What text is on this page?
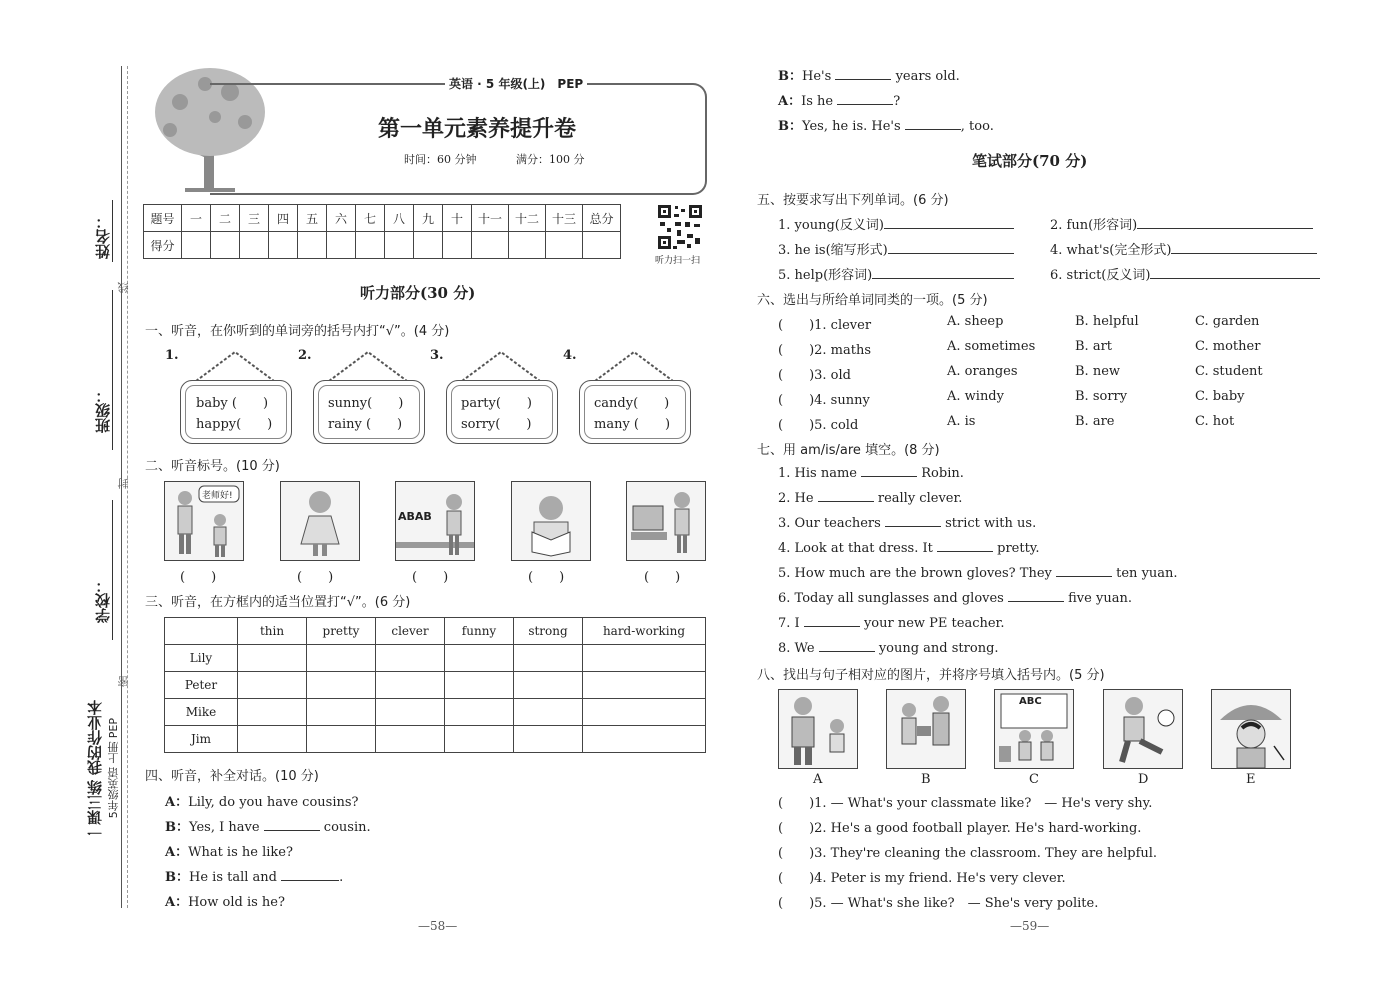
姓名：
线
班级：
封
学校：
密
一课三练 我的作业本 5年级英语 上册 PEP
英语 · 5 年级(上)　PEP
第一单元素养提升卷
时间：60 分钟	满分：100 分
题号	一	二	三	四	五	六	七	八	九	十	十一	十二	十三	总分
得分														
听力扫一扫
听力部分(30 分)
一、听音，在你听到的单词旁的括号内打“√”。(4 分)
1.	2.	3.	4.
baby (　　)
happy(　　)
sunny(　　)
rainy (　　)
party(　　)
sorry(　　)
candy(　　)
many (　　)
二、听音标号。(10 分)
老师好!
ABAB
(　　)	(　　)	(　　)	(　　)	(　　)
三、听音，在方框内的适当位置打“√”。(6 分)
	thin	pretty	clever	funny	strong	hard-working
Lily						
Peter						
Mike						
Jim						
四、听音，补全对话。(10 分)
A：Lily, do you have cousins?
B：Yes, I have	cousin.
A：What is he like?
B：He is tall and	.
A：How old is he?
—58—
B：He's	years old.
A：Is he	?
B：Yes, he is. He's	, too.
笔试部分(70 分)
五、按要求写出下列单词。(6 分)
1. young(反义词)	2. fun(形容词)
3. he is(缩写形式)	4. what's(完全形式)
5. help(形容词)	6. strict(反义词)
六、选出与所给单词同类的一项。(5 分)
(　　)1. clever	A. sheep	B. helpful	C. garden
(　　)2. maths	A. sometimes	B. art	C. mother
(　　)3. old	A. oranges	B. new	C. student
(　　)4. sunny	A. windy	B. sorry	C. baby
(　　)5. cold	A. is	B. are	C. hot
七、用 am/is/are 填空。(8 分)
1. His name	Robin.
2. He	really clever.
3. Our teachers	strict with us.
4. Look at that dress. It	pretty.
5. How much are the brown gloves? They	ten yuan.
6. Today all sunglasses and gloves	five yuan.
7. I	your new PE teacher.
8. We	young and strong.
八、找出与句子相对应的图片，并将序号填入括号内。(5 分)
ABC
A	B	C	D	E
(　　)1. — What's your classmate like?　— He's very shy.
(　　)2. He's a good football player. He's hard-working.
(　　)3. They're cleaning the classroom. They are helpful.
(　　)4. Peter is my friend. He's very clever.
(　　)5. — What's she like?　— She's very polite.
—59—
